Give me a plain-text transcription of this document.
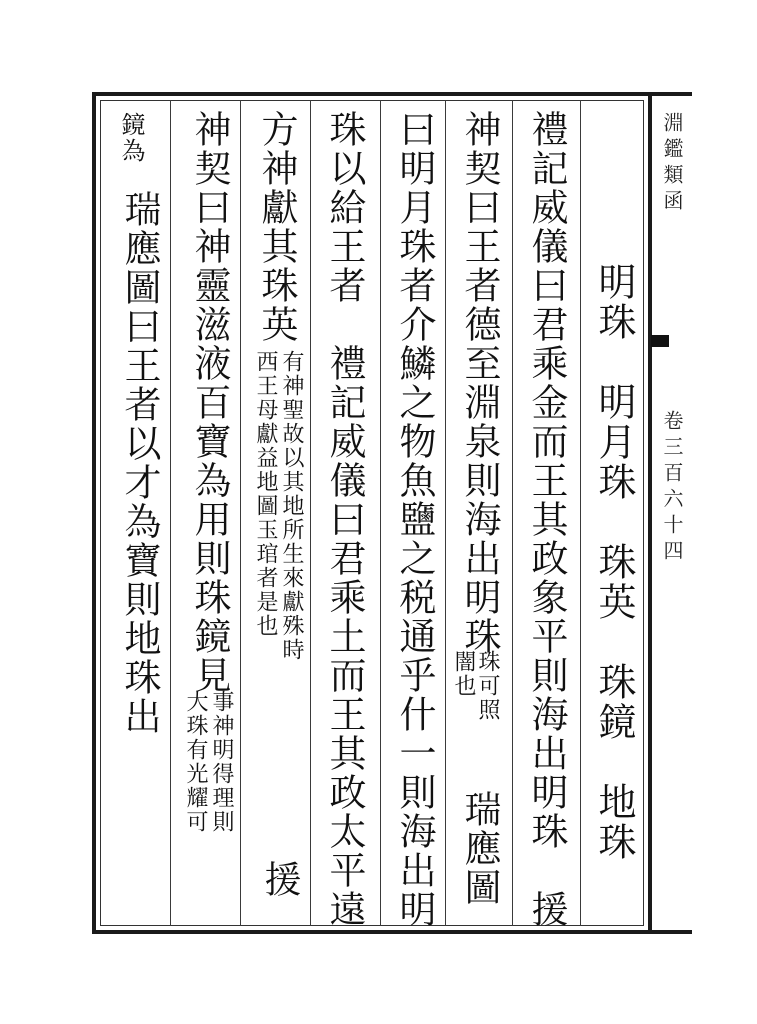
淵鑑類函
卷三百六十四
明珠　明月珠　珠英　珠鏡　地珠
禮記威儀曰君乘金而王其政象平則海出明珠　援
神契曰王者德至淵泉則海出明珠
珠可照
闇也
瑞應圖
曰明月珠者介鱗之物魚鹽之税通乎什一則海出明
珠以給王者　禮記威儀曰君乘土而王其政太平遠
方神獻其珠英
有神聖故以其地所生來獻殊時
西王母獻益地圖玉琯者是也
援
神契曰神靈滋液百寶為用則珠鏡見
事神明得理則
大珠有光耀可
鏡為
瑞應圖曰王者以才為寶則地珠出
